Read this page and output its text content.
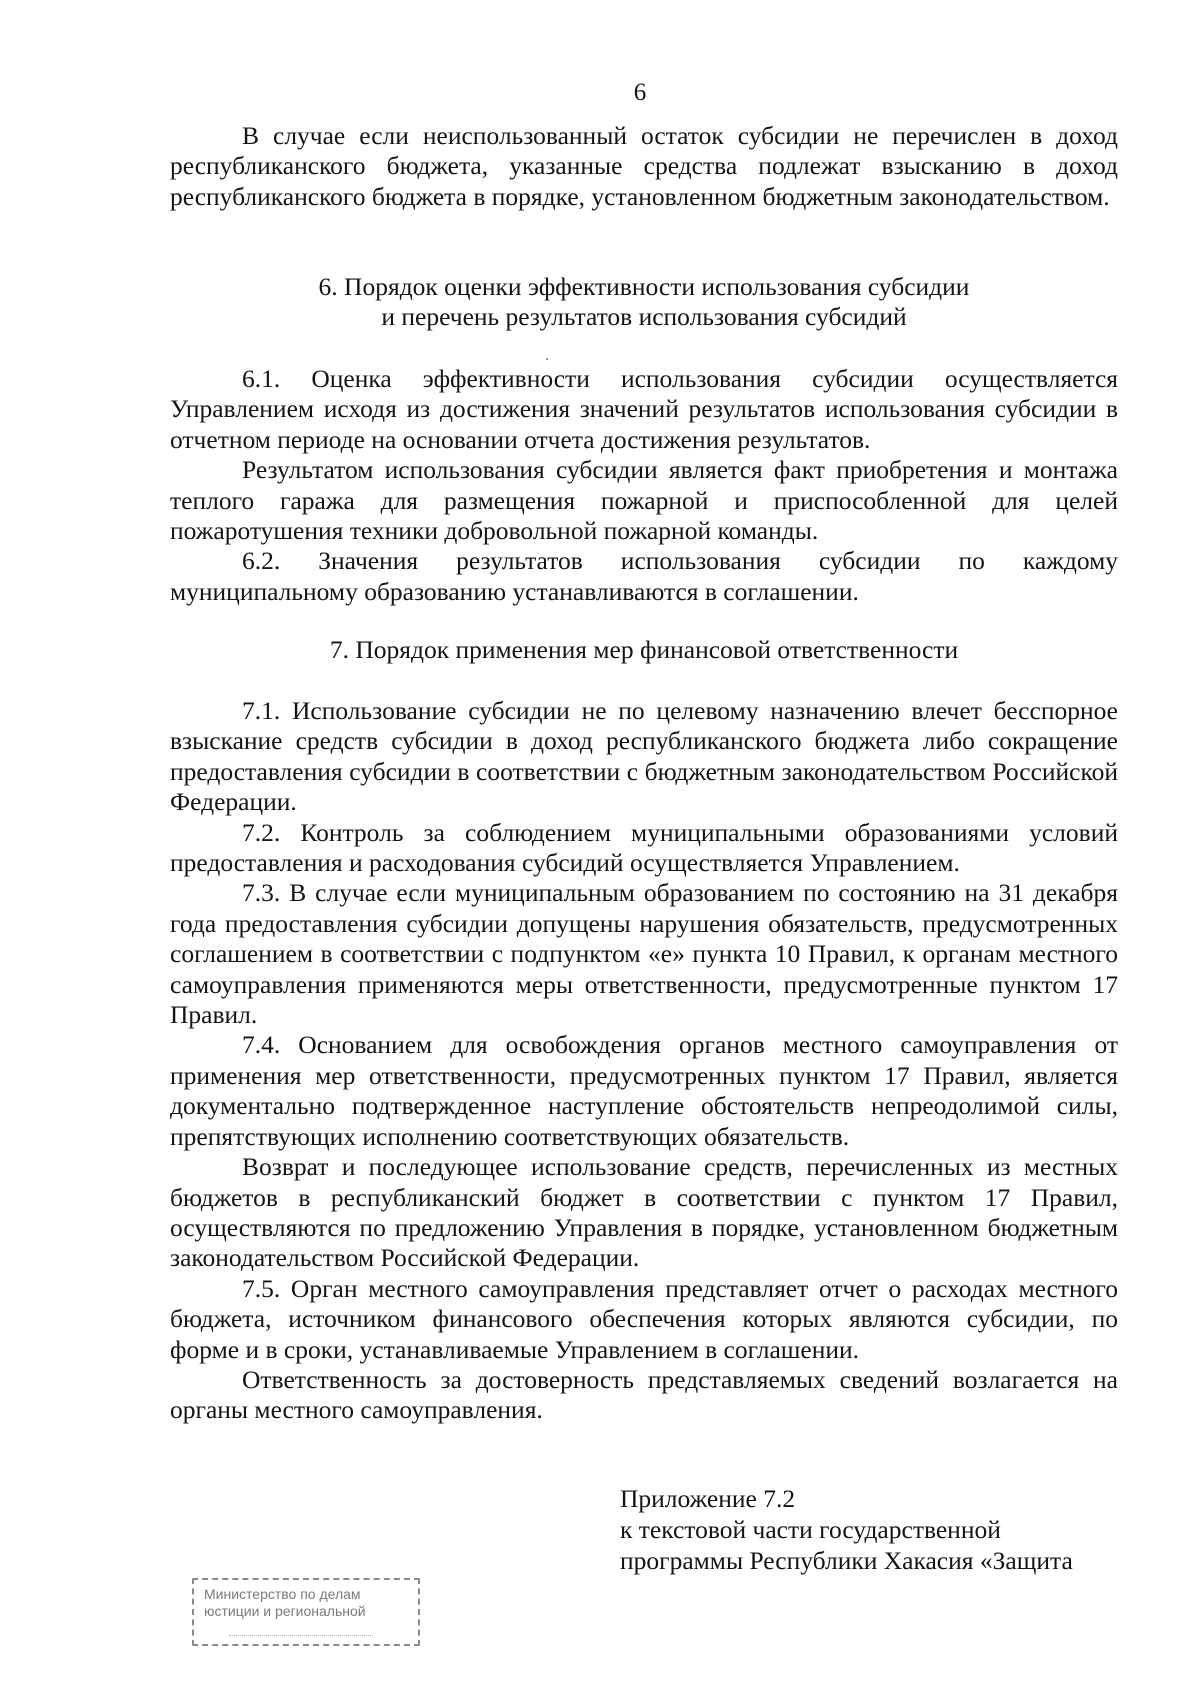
6

В случае если неиспользованный остаток субсидии не перечислен в доход республиканского бюджета, указанные средства подлежат взысканию в доход республиканского бюджета в порядке, установленном бюджетным законодательством.

6. Порядок оценки эффективности использования субсидии

и перечень результатов использования субсидий

6.1. Оценка эффективности использования субсидии осуществляется Управлением исходя из достижения значений результатов использования субсидии в отчетном периоде на основании отчета достижения результатов.

Результатом использования субсидии является факт приобретения и монтажа теплого гаража для размещения пожарной и приспособленной для целей пожаротушения техники добровольной пожарной команды.

6.2. Значения результатов использования субсидии по каждому муниципальному образованию устанавливаются в соглашении.

7. Порядок применения мер финансовой ответственности

7.1. Использование субсидии не по целевому назначению влечет бесспорное взыскание средств субсидии в доход республиканского бюджета либо сокращение предоставления субсидии в соответствии с бюджетным законодательством Российской Федерации.

7.2. Контроль за соблюдением муниципальными образованиями условий предоставления и расходования субсидий осуществляется Управлением.

7.3. В случае если муниципальным образованием по состоянию на 31 декабря года предоставления субсидии допущены нарушения обязательств, предусмотренных соглашением в соответствии с подпунктом «е» пункта 10 Правил, к органам местного самоуправления применяются меры ответственности, предусмотренные пунктом 17 Правил.

7.4. Основанием для освобождения органов местного самоуправления от применения мер ответственности, предусмотренных пунктом 17 Правил, является документально подтвержденное наступление обстоятельств непреодолимой силы, препятствующих исполнению соответствующих обязательств.

Возврат и последующее использование средств, перечисленных из местных бюджетов в республиканский бюджет в соответствии с пунктом 17 Правил, осуществляются по предложению Управления в порядке, установленном бюджетным законодательством Российской Федерации.

7.5. Орган местного самоуправления представляет отчет о расходах местного бюджета, источником финансового обеспечения которых являются субсидии, по форме и в сроки, устанавливаемые Управлением в соглашении.

Ответственность за достоверность представляемых сведений возлагается на органы местного самоуправления.

Приложение 7.2
к текстовой части государственной
программы Республики Хакасия «Защита
Министерство по делам
юстиции и региональной
